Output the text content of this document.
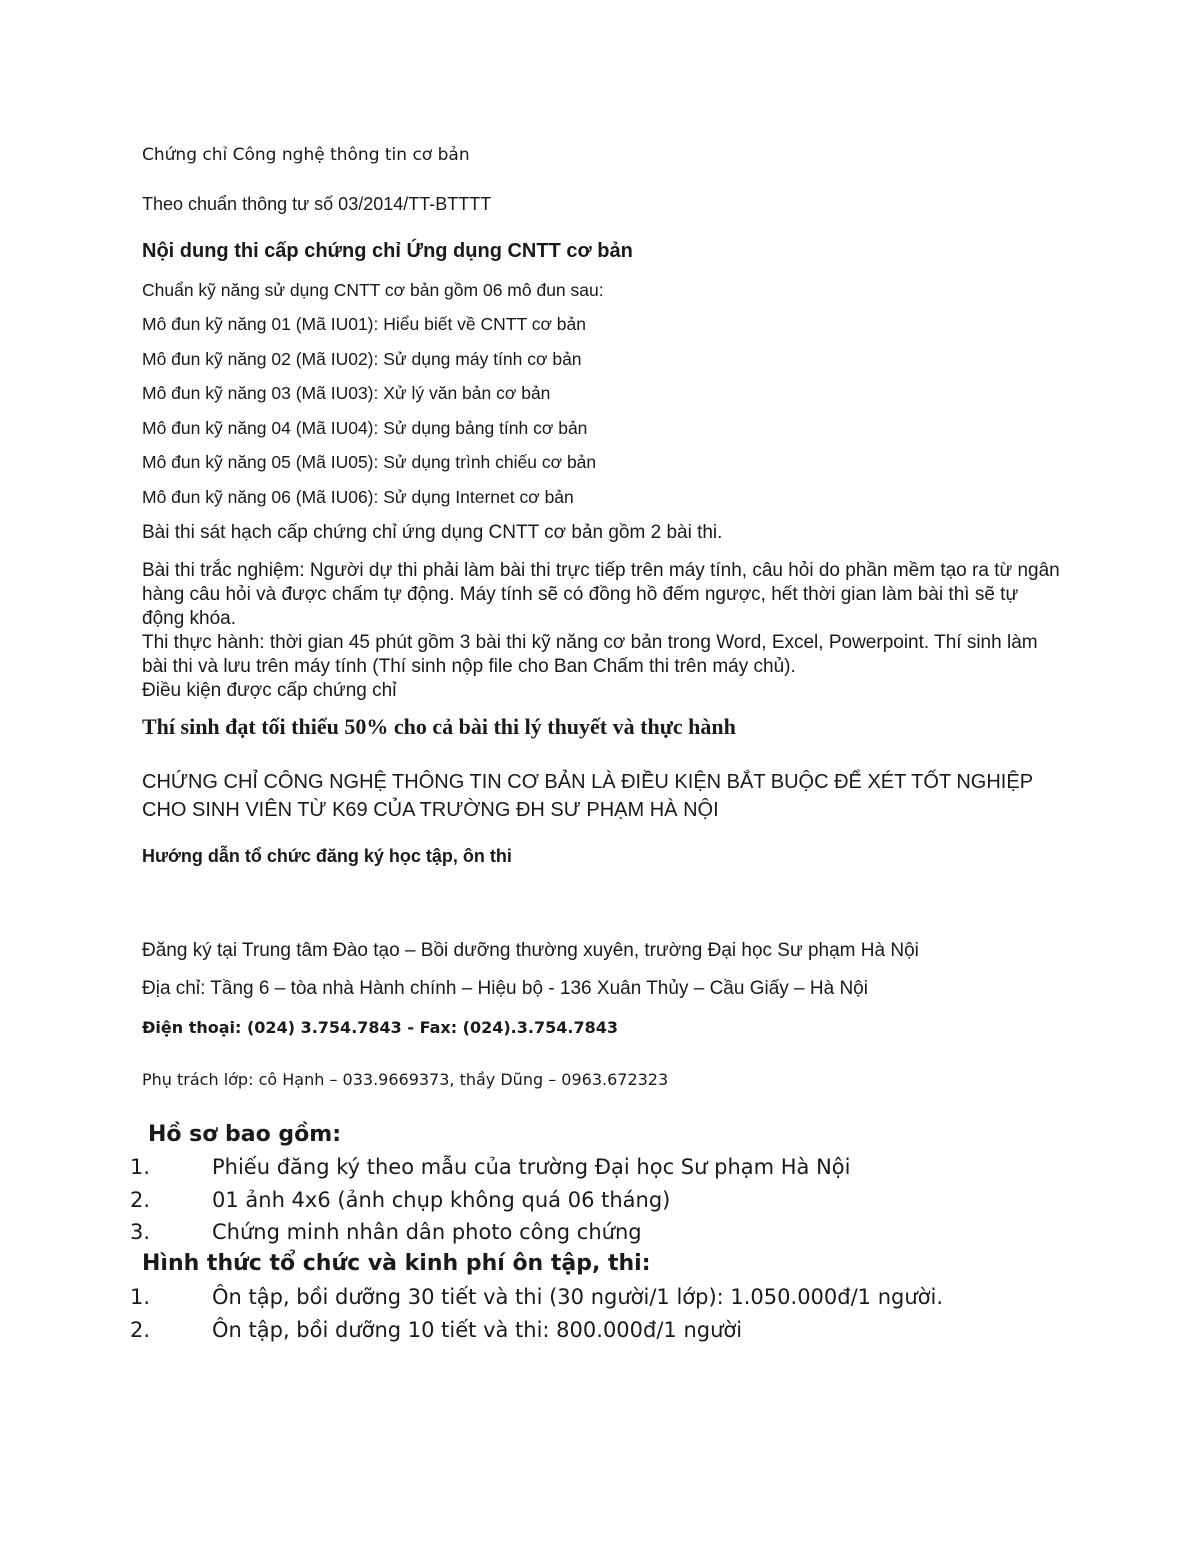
Chứng chỉ Công nghệ thông tin cơ bản
Theo chuẩn thông tư số 03/2014/TT-BTTTT
Nội dung thi cấp chứng chỉ Ứng dụng CNTT cơ bản
Chuẩn kỹ năng sử dụng CNTT cơ bản gồm 06 mô đun sau:
Mô đun kỹ năng 01 (Mã IU01): Hiểu biết về CNTT cơ bản
Mô đun kỹ năng 02 (Mã IU02): Sử dụng máy tính cơ bản
Mô đun kỹ năng 03 (Mã IU03): Xử lý văn bản cơ bản
Mô đun kỹ năng 04 (Mã IU04): Sử dụng bảng tính cơ bản
Mô đun kỹ năng 05 (Mã IU05): Sử dụng trình chiếu cơ bản
Mô đun kỹ năng 06 (Mã IU06): Sử dụng Internet cơ bản
Bài thi sát hạch cấp chứng chỉ ứng dụng CNTT cơ bản gồm 2 bài thi.
Bài thi trắc nghiệm: Người dự thi phải làm bài thi trực tiếp trên máy tính, câu hỏi do phần mềm tạo ra từ ngân hàng câu hỏi và được chấm tự động. Máy tính sẽ có đồng hồ đếm ngược, hết thời gian làm bài thì sẽ tự động khóa.
Thi thực hành: thời gian 45 phút gồm 3 bài thi kỹ năng cơ bản trong Word, Excel, Powerpoint. Thí sinh làm bài thi và lưu trên máy tính (Thí sinh nộp file cho Ban Chấm thi trên máy chủ).
Điều kiện được cấp chứng chỉ
Thí sinh đạt tối thiểu 50% cho cả bài thi lý thuyết và thực hành
CHỨNG CHỈ CÔNG NGHỆ THÔNG TIN CƠ BẢN LÀ ĐIỀU KIỆN BẮT BUỘC ĐỂ XÉT TỐT NGHIỆP CHO SINH VIÊN TỪ K69 CỦA TRƯỜNG ĐH SƯ PHẠM HÀ NỘI
Hướng dẫn tổ chức đăng ký học tập, ôn thi
Đăng ký tại Trung tâm Đào tạo – Bồi dưỡng thường xuyên, trường Đại học Sư phạm Hà Nội
Địa chỉ: Tầng 6 – tòa nhà Hành chính – Hiệu bộ - 136 Xuân Thủy – Cầu Giấy – Hà Nội
Điện thoại: (024) 3.754.7843 - Fax: (024).3.754.7843
Phụ trách lớp: cô Hạnh – 033.9669373, thầy Dũng – 0963.672323
Hồ sơ bao gồm:
1.	Phiếu đăng ký theo mẫu của trường Đại học Sư phạm Hà Nội
2.	01 ảnh 4x6 (ảnh chụp không quá 06 tháng)
3.	Chứng minh nhân dân photo công chứng
Hình thức tổ chức và kinh phí ôn tập, thi:
1.	Ôn tập, bồi dưỡng 30 tiết và thi (30 người/1 lớp): 1.050.000đ/1 người.
2.	Ôn tập, bồi dưỡng 10 tiết và thi: 800.000đ/1 người
